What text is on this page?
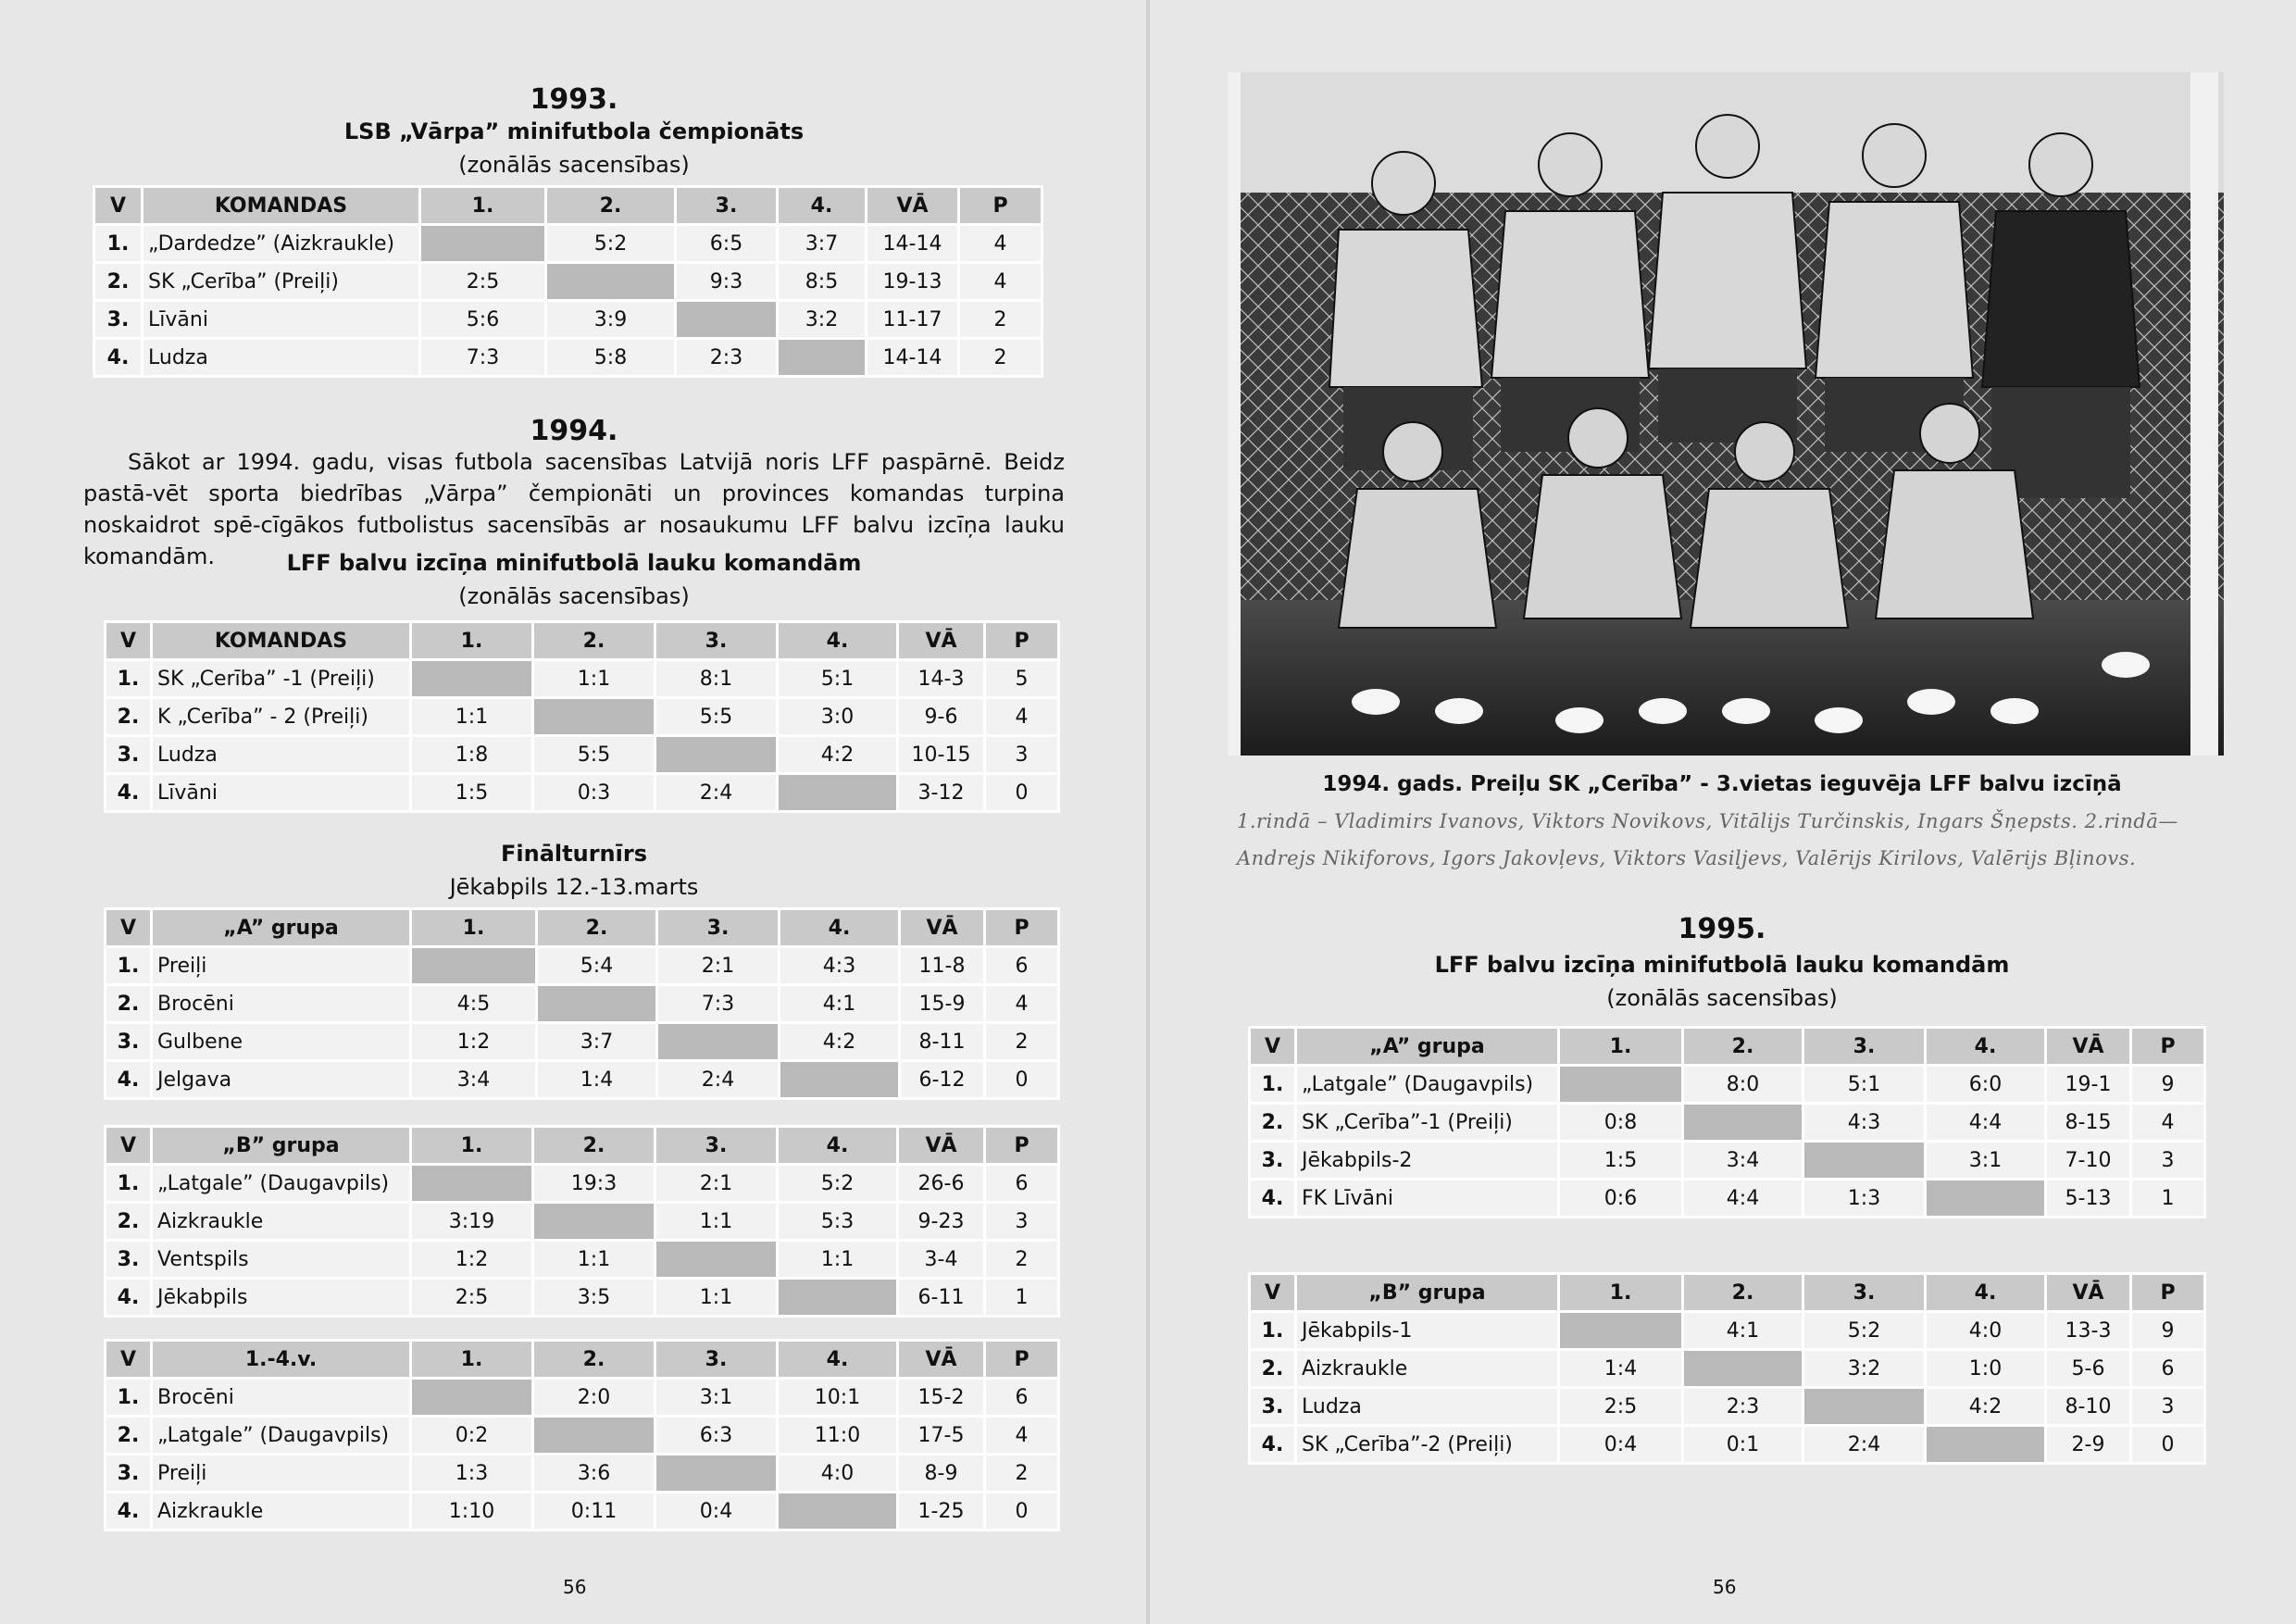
1993.
LSB „Vārpa” minifutbola čempionāts
(zonālās sacensības)
V	KOMANDAS	1.	2.	3.	4.	VĀ	P
1.	„Dardedze” (Aizkraukle)		5:2	6:5	3:7	14-14	4
2.	SK „Cerība” (Preiļi)	2:5		9:3	8:5	19-13	4
3.	Līvāni	5:6	3:9		3:2	11-17	2
4.	Ludza	7:3	5:8	2:3		14-14	2
1994.

Sākot ar 1994. gadu, visas futbola sacensības Latvijā noris LFF paspārnē. Beidz pastā-vēt sporta biedrības „Vārpa” čempionāti un provinces komandas turpina noskaidrot spē-cīgākos futbolistus sacensībās ar nosaukumu LFF balvu izcīņa lauku komandām.	LFF balvu izcīņa minifutbolā lauku komandām
(zonālās sacensības)
V	KOMANDAS	1.	2.	3.	4.	VĀ	P
1.	SK „Cerība” -1 (Preiļi)		1:1	8:1	5:1	14-3	5
2.	K „Cerība” - 2 (Preiļi)	1:1		5:5	3:0	9-6	4
3.	Ludza	1:8	5:5		4:2	10-15	3
4.	Līvāni	1:5	0:3	2:4		3-12	0
Finālturnīrs
Jēkabpils 12.-13.marts
V	„A” grupa	1.	2.	3.	4.	VĀ	P
1.	Preiļi		5:4	2:1	4:3	11-8	6
2.	Brocēni	4:5		7:3	4:1	15-9	4
3.	Gulbene	1:2	3:7		4:2	8-11	2
4.	Jelgava	3:4	1:4	2:4		6-12	0
V	„B” grupa	1.	2.	3.	4.	VĀ	P
1.	„Latgale” (Daugavpils)		19:3	2:1	5:2	26-6	6
2.	Aizkraukle	3:19		1:1	5:3	9-23	3
3.	Ventspils	1:2	1:1		1:1	3-4	2
4.	Jēkabpils	2:5	3:5	1:1		6-11	1
V	1.-4.v.	1.	2.	3.	4.	VĀ	P
1.	Brocēni		2:0	3:1	10:1	15-2	6
2.	„Latgale” (Daugavpils)	0:2		6:3	11:0	17-5	4
3.	Preiļi	1:3	3:6		4:0	8-9	2
4.	Aizkraukle	1:10	0:11	0:4		1-25	0
56
1994. gads. Preiļu SK „Cerība” - 3.vietas ieguvēja LFF balvu izcīņā
1.rindā – Vladimirs Ivanovs, Viktors Novikovs, Vitālijs Turčinskis, Ingars Šņepsts. 2.rindā—
Andrejs Nikiforovs, Igors Jakovļevs, Viktors Vasiļjevs, Valērijs Kirilovs, Valērijs Bļinovs.
1995.
LFF balvu izcīņa minifutbolā lauku komandām
(zonālās sacensības)
V	„A” grupa	1.	2.	3.	4.	VĀ	P
1.	„Latgale” (Daugavpils)		8:0	5:1	6:0	19-1	9
2.	SK „Cerība”-1 (Preiļi)	0:8		4:3	4:4	8-15	4
3.	Jēkabpils-2	1:5	3:4		3:1	7-10	3
4.	FK Līvāni	0:6	4:4	1:3		5-13	1
V	„B” grupa	1.	2.	3.	4.	VĀ	P
1.	Jēkabpils-1		4:1	5:2	4:0	13-3	9
2.	Aizkraukle	1:4		3:2	1:0	5-6	6
3.	Ludza	2:5	2:3		4:2	8-10	3
4.	SK „Cerība”-2 (Preiļi)	0:4	0:1	2:4		2-9	0
56
